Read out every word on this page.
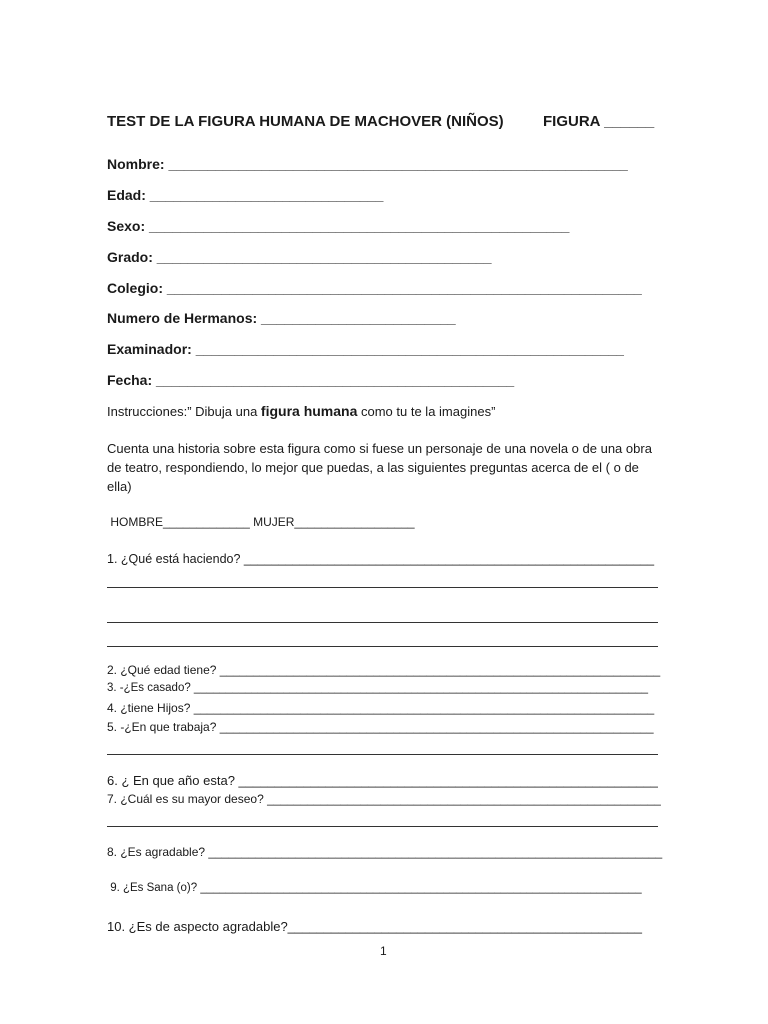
TEST DE LA FIGURA HUMANA DE MACHOVER (NIÑOS)	FIGURA ______
Nombre: ___________________________________________________________
Edad: ______________________________
Sexo: ______________________________________________________
Grado: ___________________________________________
Colegio: _____________________________________________________________
Numero de Hermanos: _________________________
Examinador: _______________________________________________________
Fecha: ______________________________________________
Instrucciones:” Dibuja una figura humana como tu te la imagines”
Cuenta una historia sobre esta figura como si fuese un personaje de una novela o de una obra de teatro, respondiendo, lo mejor que puedas, a las siguientes preguntas acerca de el ( o de ella)
HOMBRE_____________ MUJER__________________
1. ¿Qué está haciendo? ___________________________________________________________
2. ¿Qué edad tiene? __________________________________________________________________
3. -¿Es casado? _______________________________________________________________________
4. ¿tiene Hijos? _____________________________________________________________________
5. -¿En que trabaja? _________________________________________________________________
6. ¿ En que año esta? __________________________________________________________
7. ¿Cuál es su mayor deseo? ___________________________________________________________
8. ¿Es agradable? ____________________________________________________________________
9. ¿Es Sana (o)? _____________________________________________________________________
10. ¿Es de aspecto agradable?_________________________________________________
1
